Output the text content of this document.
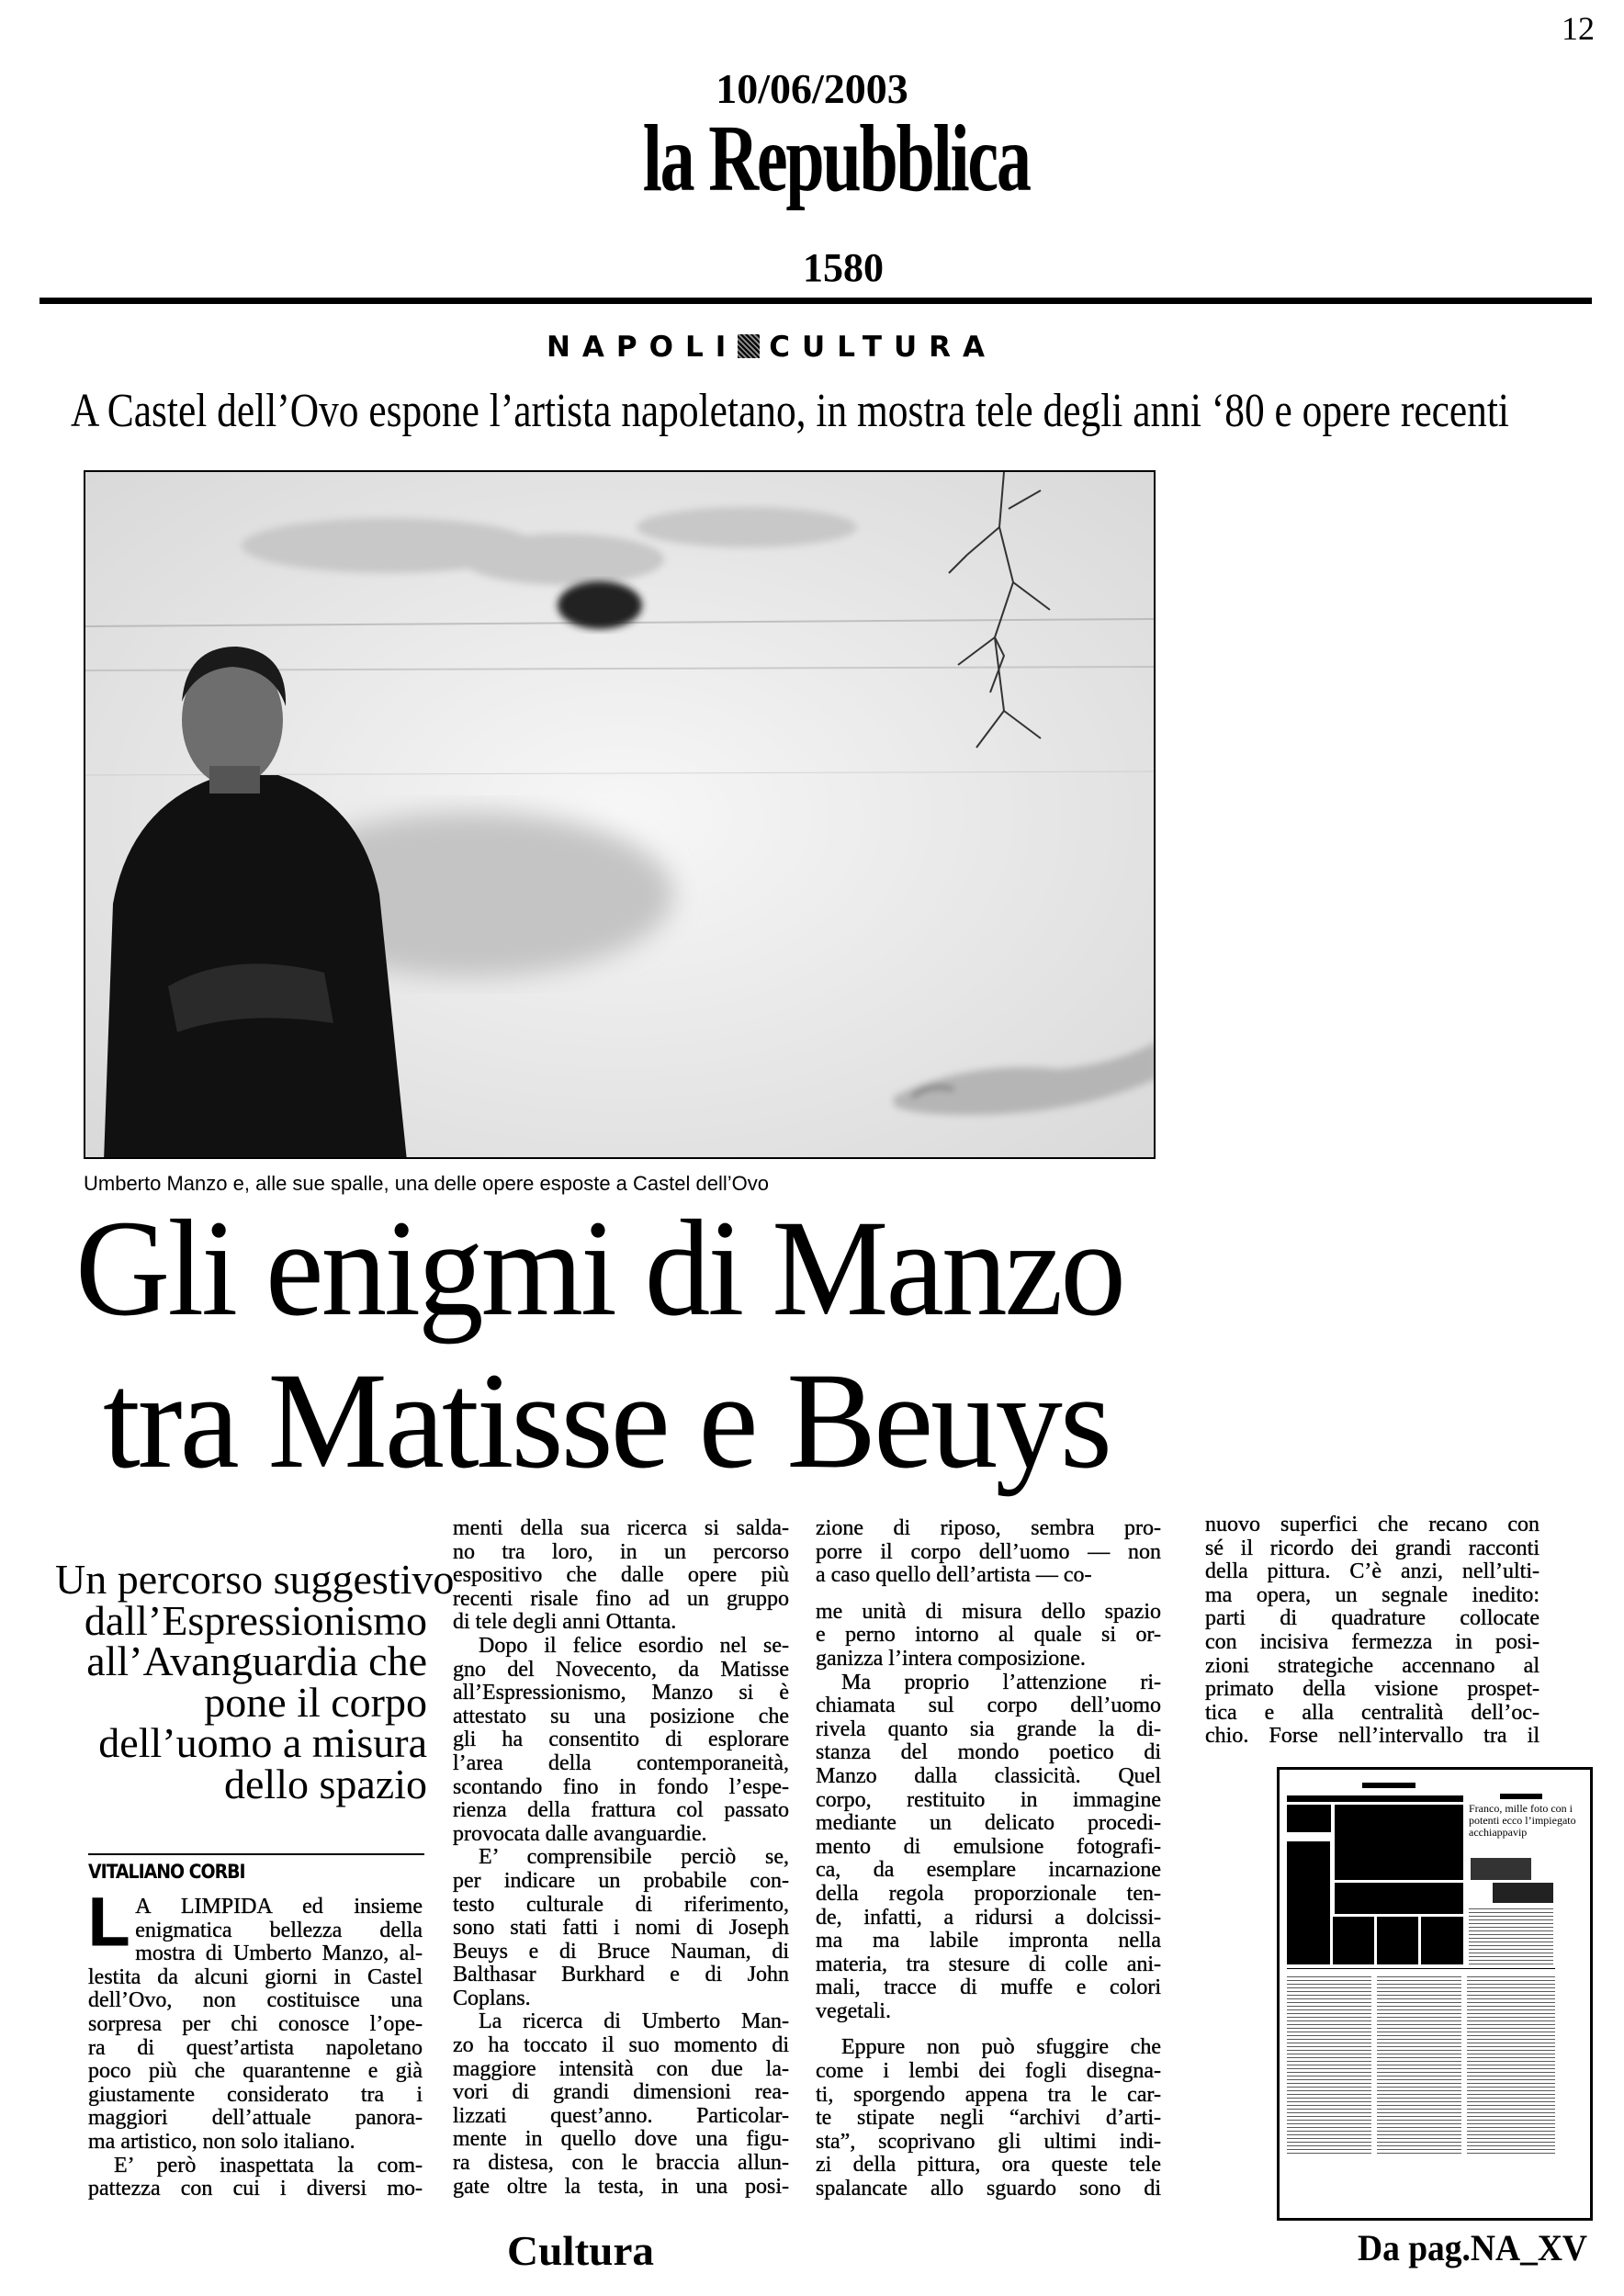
12
10/06/2003
la Repubblica
1580
NAPOLI CULTURA
A Castel dell’Ovo espone l’artista napoletano, in mostra tele degli anni ‘80 e opere recenti
Umberto Manzo e, alle sue spalle, una delle opere esposte a Castel dell’Ovo
Gli enigmi di Manzo
tra Matisse e Beuys
Un percorso suggestivo
dall’Espressionismo
all’Avanguardia che
pone il corpo
dell’uomo a misura
dello spazio
VITALIANO CORBI
L A LIMPIDA ed insieme
enigmatica bellezza della
mostra di Umberto Manzo, al-
lestita da alcuni giorni in Castel
dell’Ovo, non costituisce una
sorpresa per chi conosce l’ope-
ra di quest’artista napoletano
poco più che quarantenne e già
giustamente considerato tra i
maggiori dell’attuale panora-
ma artistico, non solo italiano.
E’ però inaspettata la com-
pattezza con cui i diversi mo-
menti della sua ricerca si salda-
no tra loro, in un percorso
espositivo che dalle opere più
recenti risale fino ad un gruppo
di tele degli anni Ottanta.
Dopo il felice esordio nel se-
gno del Novecento, da Matisse
all’Espressionismo, Manzo si è
attestato su una posizione che
gli ha consentito di esplorare
l’area della contemporaneità,
scontando fino in fondo l’espe-
rienza della frattura col passato
provocata dalle avanguardie.
E’ comprensibile perciò se,
per indicare un probabile con-
testo culturale di riferimento,
sono stati fatti i nomi di Joseph
Beuys e di Bruce Nauman, di
Balthasar Burkhard e di John
Coplans.
La ricerca di Umberto Man-
zo ha toccato il suo momento di
maggiore intensità con due la-
vori di grandi dimensioni rea-
lizzati quest’anno. Particolar-
mente in quello dove una figu-
ra distesa, con le braccia allun-
gate oltre la testa, in una posi-
zione di riposo, sembra pro-
porre il corpo dell’uomo — non
a caso quello dell’artista — co-
me unità di misura dello spazio
e perno intorno al quale si or-
ganizza l’intera composizione.
Ma proprio l’attenzione ri-
chiamata sul corpo dell’uomo
rivela quanto sia grande la di-
stanza del mondo poetico di
Manzo dalla classicità. Quel
corpo, restituito in immagine
mediante un delicato procedi-
mento di emulsione fotografi-
ca, da esemplare incarnazione
della regola proporzionale ten-
de, infatti, a ridursi a dolcissi-
ma ma labile impronta nella
materia, tra stesure di colle ani-
mali, tracce di muffe e colori
vegetali.
Eppure non può sfuggire che
come i lembi dei fogli disegna-
ti, sporgendo appena tra le car-
te stipate negli “archivi d’arti-
sta”, scoprivano gli ultimi indi-
zi della pittura, ora queste tele
spalancate allo sguardo sono di
nuovo superfici che recano con
sé il ricordo dei grandi racconti
della pittura. C’è anzi, nell’ulti-
ma opera, un segnale inedito:
parti di quadrature collocate
con incisiva fermezza in posi-
zioni strategiche accennano al
primato della visione prospet-
tica e alla centralità dell’oc-
chio. Forse nell’intervallo tra il
Franco, mille foto con i potenti ecco l’impiegato acchiappavip
Cultura	Da pag.NA_XV
